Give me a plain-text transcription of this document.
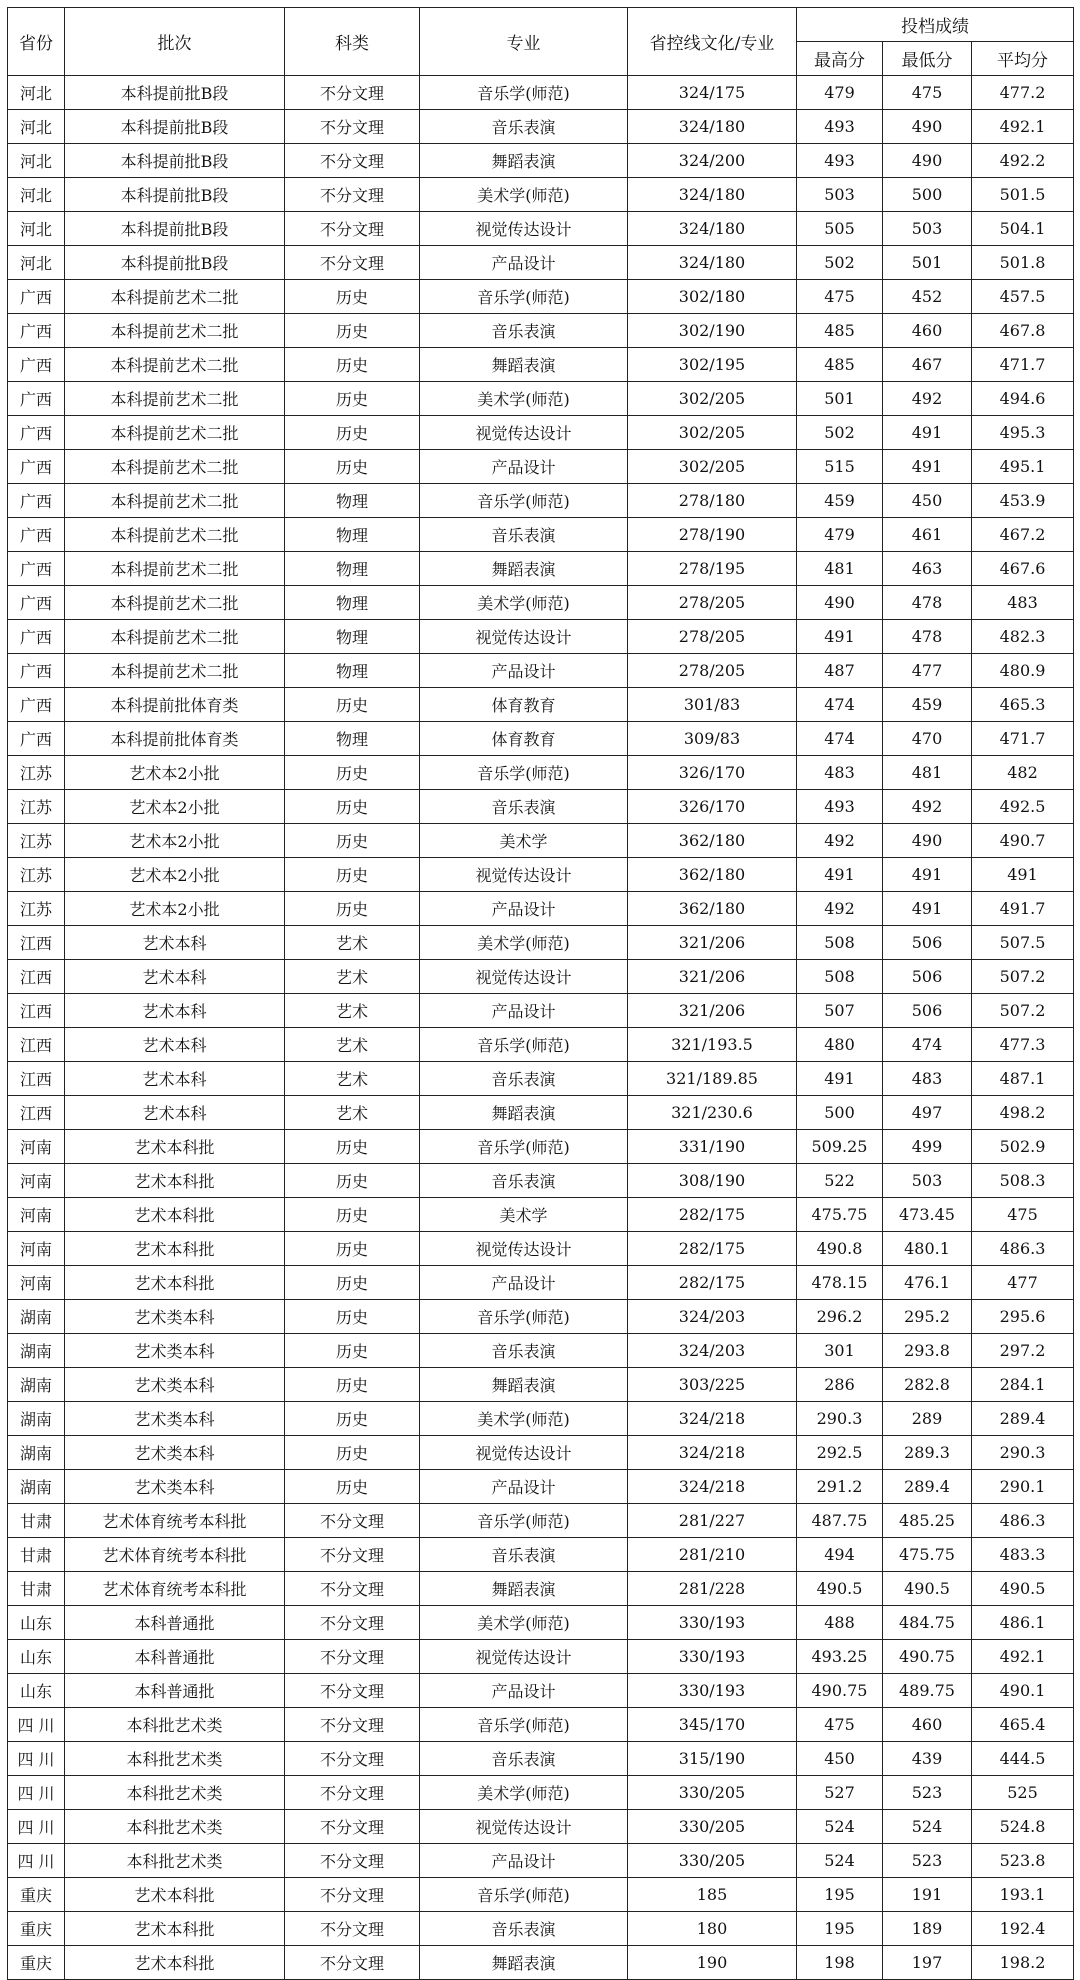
省份	批次	科类	专业	省控线文化/专业	投档成绩		
					最高分	最低分	平均分
河北	本科提前批B段	不分文理	音乐学(师范)	324/175	479	475	477.2
河北	本科提前批B段	不分文理	音乐表演	324/180	493	490	492.1
河北	本科提前批B段	不分文理	舞蹈表演	324/200	493	490	492.2
河北	本科提前批B段	不分文理	美术学(师范)	324/180	503	500	501.5
河北	本科提前批B段	不分文理	视觉传达设计	324/180	505	503	504.1
河北	本科提前批B段	不分文理	产品设计	324/180	502	501	501.8
广西	本科提前艺术二批	历史	音乐学(师范)	302/180	475	452	457.5
广西	本科提前艺术二批	历史	音乐表演	302/190	485	460	467.8
广西	本科提前艺术二批	历史	舞蹈表演	302/195	485	467	471.7
广西	本科提前艺术二批	历史	美术学(师范)	302/205	501	492	494.6
广西	本科提前艺术二批	历史	视觉传达设计	302/205	502	491	495.3
广西	本科提前艺术二批	历史	产品设计	302/205	515	491	495.1
广西	本科提前艺术二批	物理	音乐学(师范)	278/180	459	450	453.9
广西	本科提前艺术二批	物理	音乐表演	278/190	479	461	467.2
广西	本科提前艺术二批	物理	舞蹈表演	278/195	481	463	467.6
广西	本科提前艺术二批	物理	美术学(师范)	278/205	490	478	483
广西	本科提前艺术二批	物理	视觉传达设计	278/205	491	478	482.3
广西	本科提前艺术二批	物理	产品设计	278/205	487	477	480.9
广西	本科提前批体育类	历史	体育教育	301/83	474	459	465.3
广西	本科提前批体育类	物理	体育教育	309/83	474	470	471.7
江苏	艺术本2小批	历史	音乐学(师范)	326/170	483	481	482
江苏	艺术本2小批	历史	音乐表演	326/170	493	492	492.5
江苏	艺术本2小批	历史	美术学	362/180	492	490	490.7
江苏	艺术本2小批	历史	视觉传达设计	362/180	491	491	491
江苏	艺术本2小批	历史	产品设计	362/180	492	491	491.7
江西	艺术本科	艺术	美术学(师范)	321/206	508	506	507.5
江西	艺术本科	艺术	视觉传达设计	321/206	508	506	507.2
江西	艺术本科	艺术	产品设计	321/206	507	506	507.2
江西	艺术本科	艺术	音乐学(师范)	321/193.5	480	474	477.3
江西	艺术本科	艺术	音乐表演	321/189.85	491	483	487.1
江西	艺术本科	艺术	舞蹈表演	321/230.6	500	497	498.2
河南	艺术本科批	历史	音乐学(师范)	331/190	509.25	499	502.9
河南	艺术本科批	历史	音乐表演	308/190	522	503	508.3
河南	艺术本科批	历史	美术学	282/175	475.75	473.45	475
河南	艺术本科批	历史	视觉传达设计	282/175	490.8	480.1	486.3
河南	艺术本科批	历史	产品设计	282/175	478.15	476.1	477
湖南	艺术类本科	历史	音乐学(师范)	324/203	296.2	295.2	295.6
湖南	艺术类本科	历史	音乐表演	324/203	301	293.8	297.2
湖南	艺术类本科	历史	舞蹈表演	303/225	286	282.8	284.1
湖南	艺术类本科	历史	美术学(师范)	324/218	290.3	289	289.4
湖南	艺术类本科	历史	视觉传达设计	324/218	292.5	289.3	290.3
湖南	艺术类本科	历史	产品设计	324/218	291.2	289.4	290.1
甘肃	艺术体育统考本科批	不分文理	音乐学(师范)	281/227	487.75	485.25	486.3
甘肃	艺术体育统考本科批	不分文理	音乐表演	281/210	494	475.75	483.3
甘肃	艺术体育统考本科批	不分文理	舞蹈表演	281/228	490.5	490.5	490.5
山东	本科普通批	不分文理	美术学(师范)	330/193	488	484.75	486.1
山东	本科普通批	不分文理	视觉传达设计	330/193	493.25	490.75	492.1
山东	本科普通批	不分文理	产品设计	330/193	490.75	489.75	490.1
四 川	本科批艺术类	不分文理	音乐学(师范)	345/170	475	460	465.4
四 川	本科批艺术类	不分文理	音乐表演	315/190	450	439	444.5
四 川	本科批艺术类	不分文理	美术学(师范)	330/205	527	523	525
四 川	本科批艺术类	不分文理	视觉传达设计	330/205	524	524	524.8
四 川	本科批艺术类	不分文理	产品设计	330/205	524	523	523.8
重庆	艺术本科批	不分文理	音乐学(师范)	185	195	191	193.1
重庆	艺术本科批	不分文理	音乐表演	180	195	189	192.4
重庆	艺术本科批	不分文理	舞蹈表演	190	198	197	198.2
